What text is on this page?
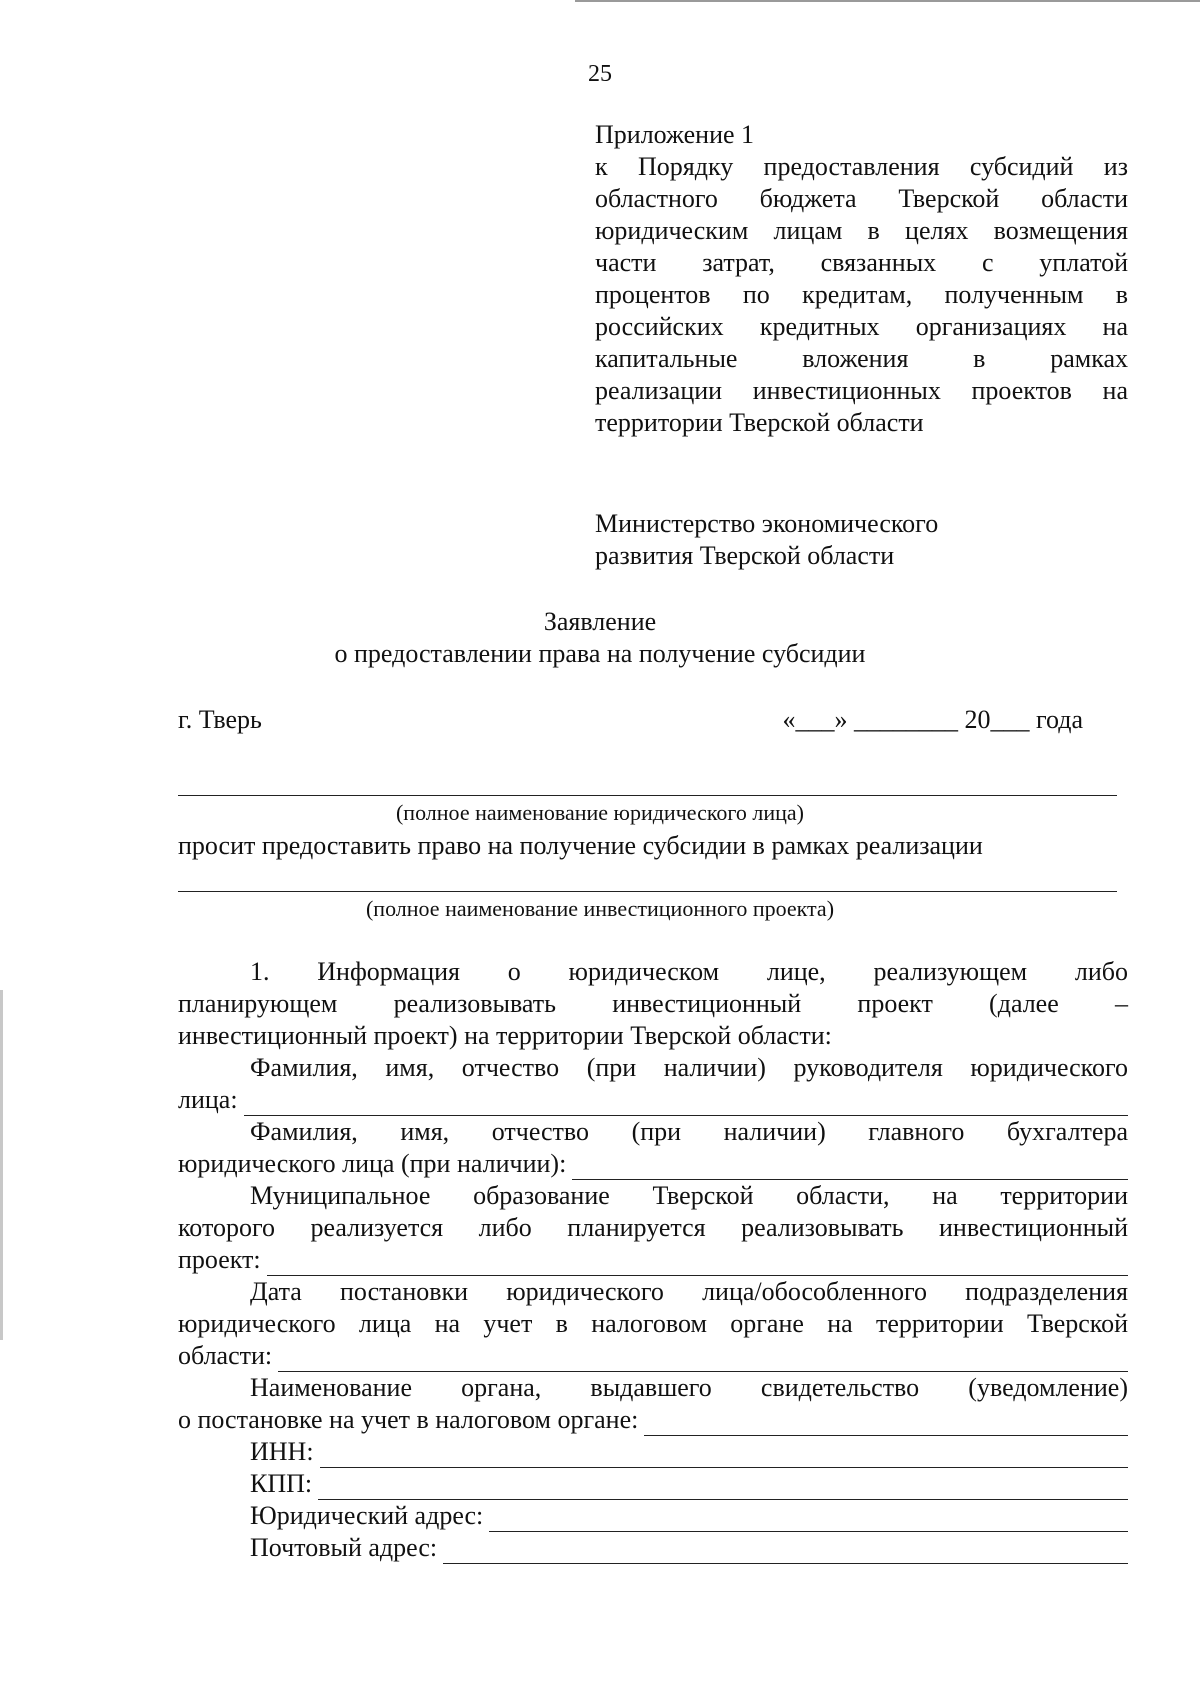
25
Приложение 1
к Порядку предоставления субсидий из
областного бюджета Тверской области
юридическим лицам в целях возмещения
части затрат, связанных с уплатой
процентов по кредитам, полученным в
российских кредитных организациях на
капитальные вложения в рамках
реализации инвестиционных проектов на
территории Тверской области
Министерство экономического
развития Тверской области
Заявление
о предоставлении права на получение субсидии
г. Тверь	«___» ________ 20___ года
(полное наименование юридического лица)
просит предоставить право на получение субсидии в рамках реализации
(полное наименование инвестиционного проекта)
1. Информация о юридическом лице, реализующем либо
планирующем реализовывать инвестиционный проект (далее –
инвестиционный проект) на территории Тверской области:
Фамилия, имя, отчество (при наличии) руководителя юридического
лица:
Фамилия, имя, отчество (при наличии) главного бухгалтера
юридического лица (при наличии):
Муниципальное образование Тверской области, на территории
которого реализуется либо планируется реализовывать инвестиционный
проект:
Дата постановки юридического лица/обособленного подразделения
юридического лица на учет в налоговом органе на территории Тверской
области:
Наименование органа, выдавшего свидетельство (уведомление)
о постановке на учет в налоговом органе:
ИНН:
КПП:
Юридический адрес:
Почтовый адрес:
